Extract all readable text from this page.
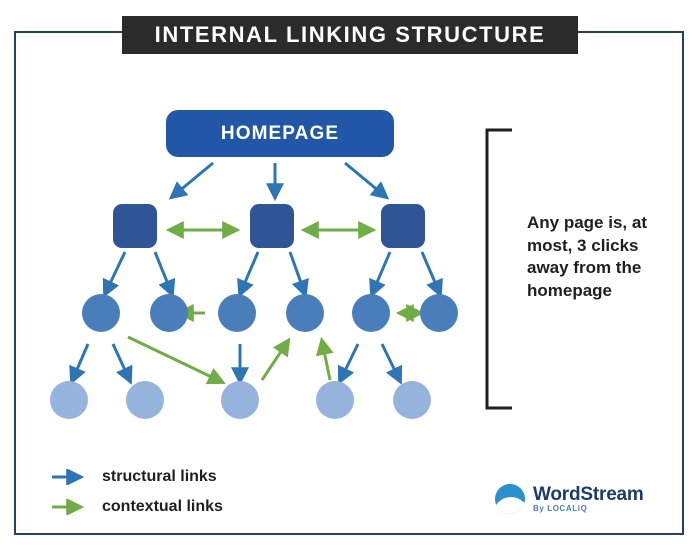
INTERNAL LINKING STRUCTURE
HOMEPAGE
Any page is, at most, 3 clicks away from the homepage
structural links
contextual links
WordStream
By LOCALiQ
